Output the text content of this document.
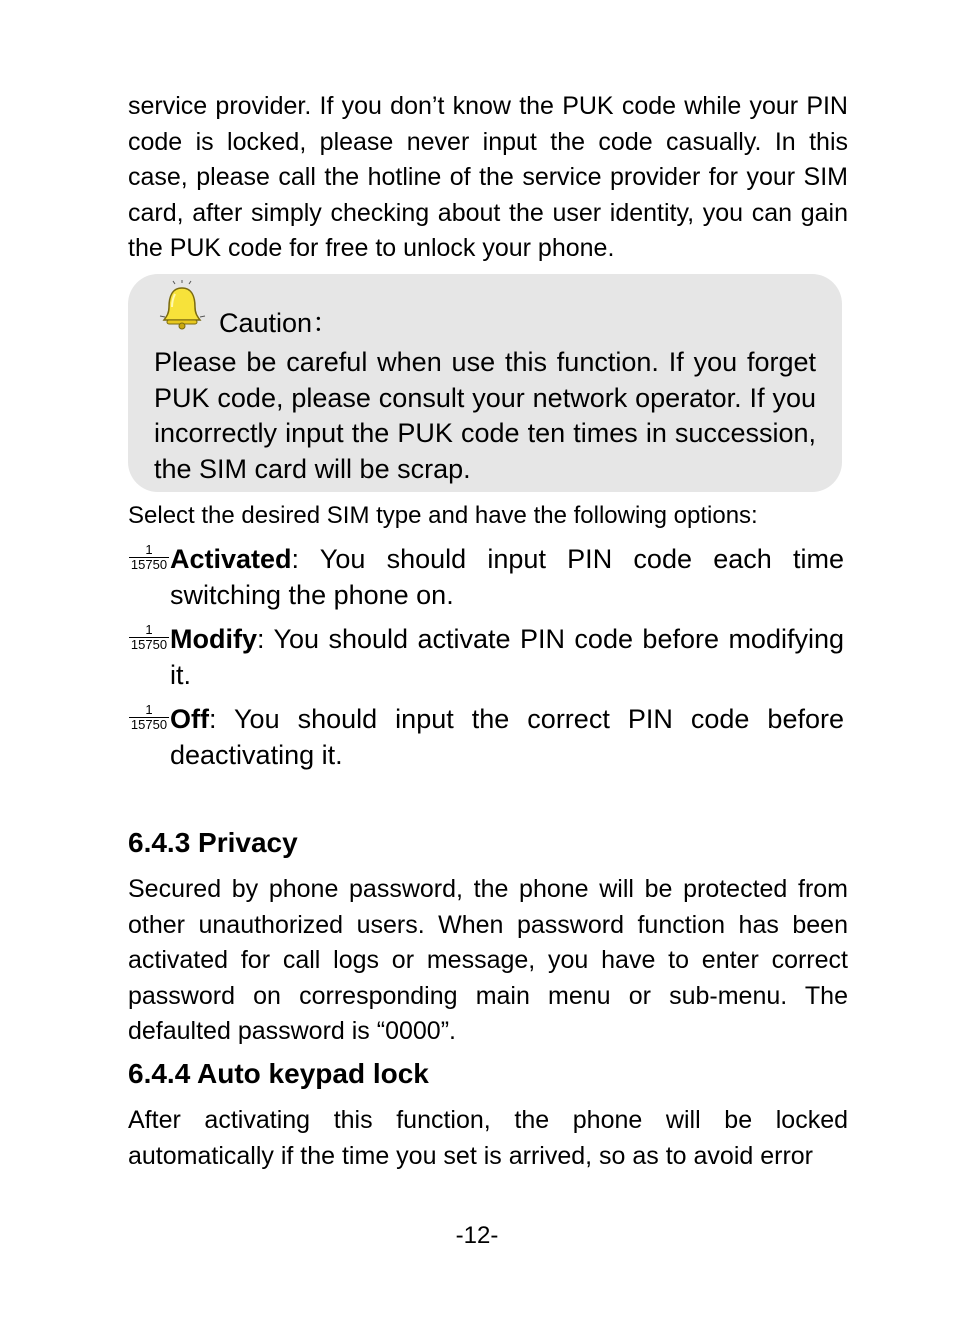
service provider. If you don’t know the PUK code while your PIN code is locked, please never input the code casually. In this case, please call the hotline of the service provider for your SIM card, after simply checking about the user identity, you can gain the PUK code for free to unlock your phone.

Caution：

Please be careful when use this function. If you forget PUK code, please consult your network operator. If you incorrectly input the PUK code ten times in succession, the SIM card will be scrap.

Select the desired SIM type and have the following options:

$\frac{1}{15750}$ Activated: You should input PIN code each time switching the phone on.

$\frac{1}{15750}$ Modify: You should activate PIN code before modifying it.

$\frac{1}{15750}$ Off: You should input the correct PIN code before deactivating it.

6.4.3 Privacy

Secured by phone password, the phone will be protected from other unauthorized users. When password function has been activated for call logs or message, you have to enter correct password on corresponding main menu or sub-menu. The defaulted password is “0000”.

6.4.4 Auto keypad lock

After activating this function, the phone will be locked automatically if the time you set is arrived, so as to avoid error

-12-
